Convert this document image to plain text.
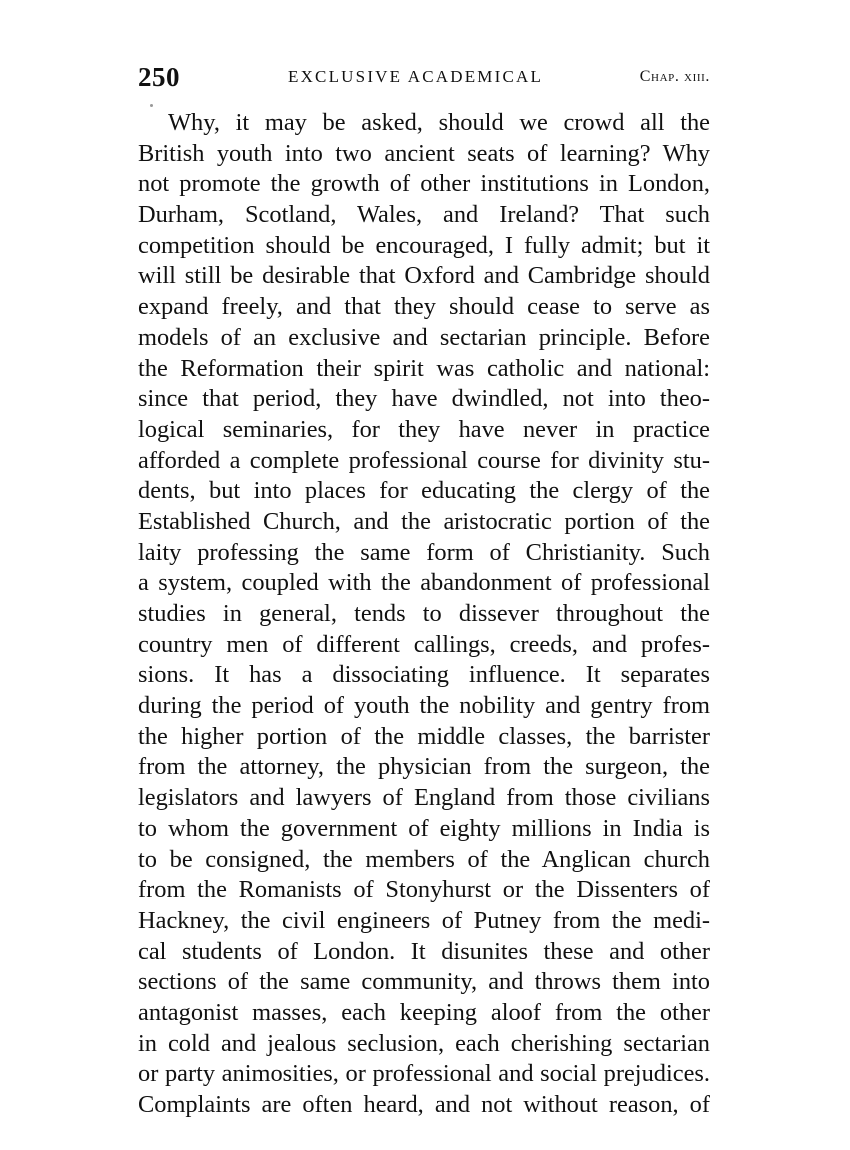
250	EXCLUSIVE ACADEMICAL	Chap. xiii.
Why, it may be asked, should we crowd all the
British youth into two ancient seats of learning? Why
not promote the growth of other institutions in London,
Durham, Scotland, Wales, and Ireland? That such
competition should be encouraged, I fully admit; but it
will still be desirable that Oxford and Cambridge should
expand freely, and that they should cease to serve as
models of an exclusive and sectarian principle. Before
the Reformation their spirit was catholic and national:
since that period, they have dwindled, not into theo-
logical seminaries, for they have never in practice
afforded a complete professional course for divinity stu-
dents, but into places for educating the clergy of the
Established Church, and the aristocratic portion of the
laity professing the same form of Christianity. Such
a system, coupled with the abandonment of professional
studies in general, tends to dissever throughout the
country men of different callings, creeds, and profes-
sions. It has a dissociating influence. It separates
during the period of youth the nobility and gentry from
the higher portion of the middle classes, the barrister
from the attorney, the physician from the surgeon, the
legislators and lawyers of England from those civilians
to whom the government of eighty millions in India is
to be consigned, the members of the Anglican church
from the Romanists of Stonyhurst or the Dissenters of
Hackney, the civil engineers of Putney from the medi-
cal students of London. It disunites these and other
sections of the same community, and throws them into
antagonist masses, each keeping aloof from the other
in cold and jealous seclusion, each cherishing sectarian
or party animosities, or professional and social prejudices.
Complaints are often heard, and not without reason, of
